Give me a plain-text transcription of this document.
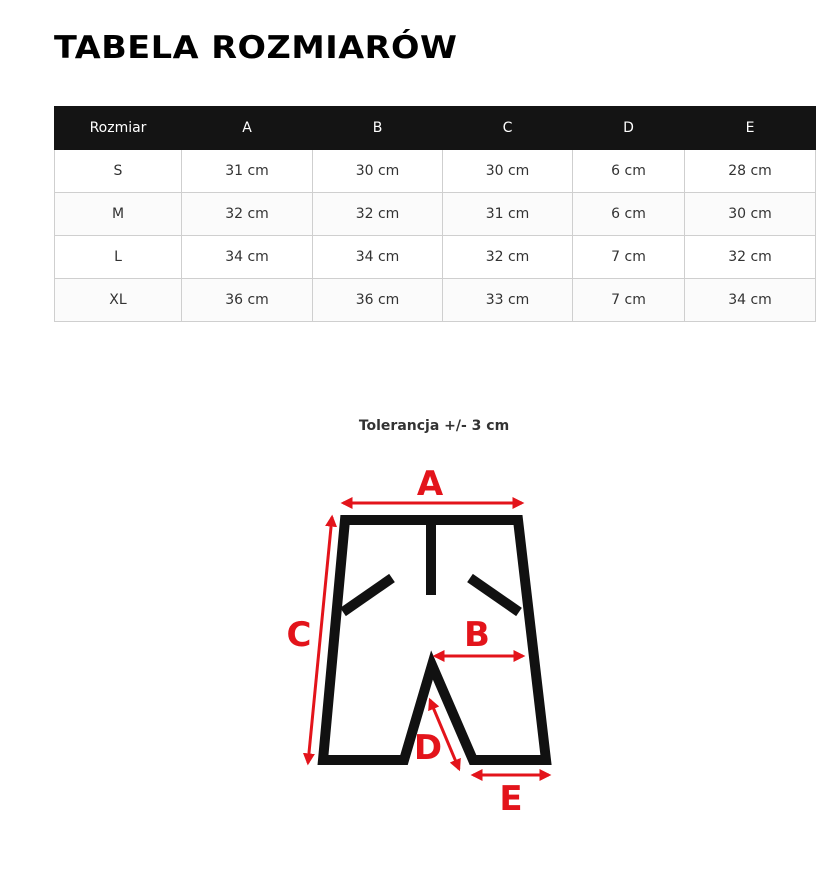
TABELA ROZMIARÓW
Rozmiar	A	B	C	D	E
S	31 cm	30 cm	30 cm	6 cm	28 cm
M	32 cm	32 cm	31 cm	6 cm	30 cm
L	34 cm	34 cm	32 cm	7 cm	32 cm
XL	36 cm	36 cm	33 cm	7 cm	34 cm

Tolerancja +/- 3 cm

A
B
C
D
E
